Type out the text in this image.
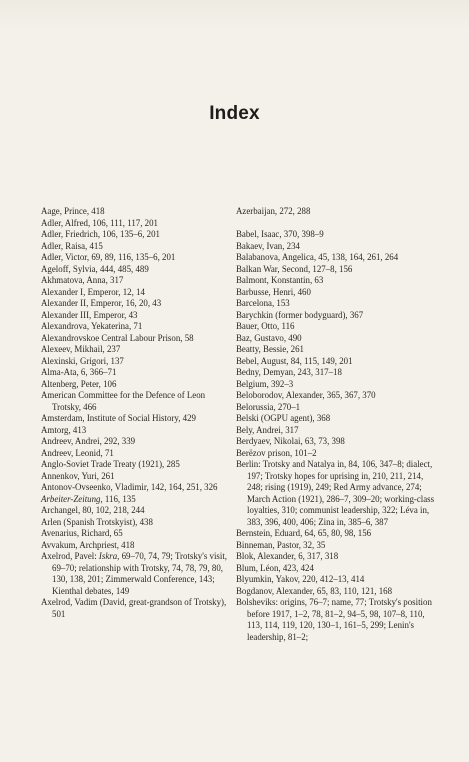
Index

Aage, Prince, 418

Adler, Alfred, 106, 111, 117, 201

Adler, Friedrich, 106, 135–6, 201

Adler, Raisa, 415

Adler, Victor, 69, 89, 116, 135–6, 201

Ageloff, Sylvia, 444, 485, 489

Akhmatova, Anna, 317

Alexander I, Emperor, 12, 14

Alexander II, Emperor, 16, 20, 43

Alexander III, Emperor, 43

Alexandrova, Yekaterina, 71

Alexandrovskoe Central Labour Prison, 58

Alexeev, Mikhail, 237

Alexinski, Grigori, 137

Alma-Ata, 6, 366–71

Altenberg, Peter, 106

American Committee for the Defence of Leon Trotsky, 466

Amsterdam, Institute of Social History, 429

Amtorg, 413

Andreev, Andrei, 292, 339

Andreev, Leonid, 71

Anglo-Soviet Trade Treaty (1921), 285

Annenkov, Yuri, 261

Antonov-Ovseenko, Vladimir, 142, 164, 251, 326

Arbeiter-Zeitung, 116, 135

Archangel, 80, 102, 218, 244

Arlen (Spanish Trotskyist), 438

Avenarius, Richard, 65

Avvakum, Archpriest, 418

Axelrod, Pavel: Iskra, 69–70, 74, 79; Trotsky's visit, 69–70; relationship with Trotsky, 74, 78, 79, 80, 130, 138, 201; Zimmerwald Conference, 143; Kienthal debates, 149

Axelrod, Vadim (David, great-grandson of Trotsky), 501

Azerbaijan, 272, 288

Babel, Isaac, 370, 398–9

Bakaev, Ivan, 234

Balabanova, Angelica, 45, 138, 164, 261, 264

Balkan War, Second, 127–8, 156

Balmont, Konstantin, 63

Barbusse, Henri, 460

Barcelona, 153

Barychkin (former bodyguard), 367

Bauer, Otto, 116

Baz, Gustavo, 490

Beatty, Bessie, 261

Bebel, August, 84, 115, 149, 201

Bedny, Demyan, 243, 317–18

Belgium, 392–3

Beloborodov, Alexander, 365, 367, 370

Belorussia, 270–1

Belski (OGPU agent), 368

Bely, Andrei, 317

Berdyaev, Nikolai, 63, 73, 398

Berëzov prison, 101–2

Berlin: Trotsky and Natalya in, 84, 106, 347–8; dialect, 197; Trotsky hopes for uprising in, 210, 211, 214, 248; rising (1919), 249; Red Army advance, 274; March Action (1921), 286–7, 309–20; working-class loyalties, 310; communist leadership, 322; Léva in, 383, 396, 400, 406; Zina in, 385–6, 387

Bernstein, Eduard, 64, 65, 80, 98, 156

Binneman, Pastor, 32, 35

Blok, Alexander, 6, 317, 318

Blum, Léon, 423, 424

Blyumkin, Yakov, 220, 412–13, 414

Bogdanov, Alexander, 65, 83, 110, 121, 168

Bolsheviks: origins, 76–7; name, 77; Trotsky's position before 1917, 1–2, 78, 81–2, 94–5, 98, 107–8, 110, 113, 114, 119, 120, 130–1, 161–5, 299; Lenin's leadership, 81–2;
